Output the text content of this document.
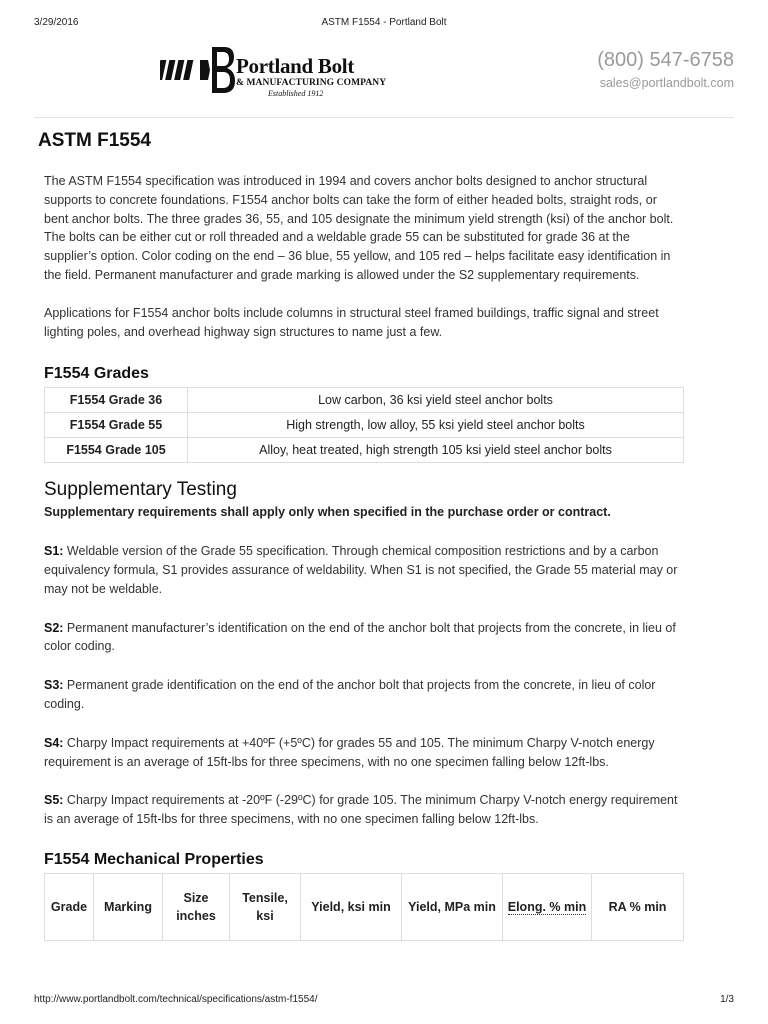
3/29/2016	ASTM F1554 - Portland Bolt
Portland Bolt
& MANUFACTURING COMPANY
Established 1912
(800) 547-6758
sales@portlandbolt.com
ASTM F1554

The ASTM F1554 specification was introduced in 1994 and covers anchor bolts designed to anchor structural supports to concrete foundations. F1554 anchor bolts can take the form of either headed bolts, straight rods, or bent anchor bolts. The three grades 36, 55, and 105 designate the minimum yield strength (ksi) of the anchor bolt. The bolts can be either cut or roll threaded and a weldable grade 55 can be substituted for grade 36 at the supplier’s option. Color coding on the end – 36 blue, 55 yellow, and 105 red – helps facilitate easy identification in the field. Permanent manufacturer and grade marking is allowed under the S2 supplementary requirements.

Applications for F1554 anchor bolts include columns in structural steel framed buildings, traffic signal and street lighting poles, and overhead highway sign structures to name just a few.

F1554 Grades
F1554 Grade 36	Low carbon, 36 ksi yield steel anchor bolts
F1554 Grade 55	High strength, low alloy, 55 ksi yield steel anchor bolts
F1554 Grade 105	Alloy, heat treated, high strength 105 ksi yield steel anchor bolts
Supplementary Testing

Supplementary requirements shall apply only when specified in the purchase order or contract.

S1: Weldable version of the Grade 55 specification. Through chemical composition restrictions and by a carbon equivalency formula, S1 provides assurance of weldability. When S1 is not specified, the Grade 55 material may or may not be weldable.

S2: Permanent manufacturer’s identification on the end of the anchor bolt that projects from the concrete, in lieu of color coding.

S3: Permanent grade identification on the end of the anchor bolt that projects from the concrete, in lieu of color coding.

S4: Charpy Impact requirements at +40ºF (+5ºC) for grades 55 and 105. The minimum Charpy V-notch energy requirement is an average of 15ft-lbs for three specimens, with no one specimen falling below 12ft-lbs.

S5: Charpy Impact requirements at -20ºF (-29ºC) for grade 105. The minimum Charpy V-notch energy requirement is an average of 15ft-lbs for three specimens, with no one specimen falling below 12ft-lbs.

F1554 Mechanical Properties
Grade	Marking	Size inches	Tensile, ksi	Yield, ksi min	Yield, MPa min	Elong. % min	RA % min
http://www.portlandbolt.com/technical/specifications/astm-f1554/	1/3
